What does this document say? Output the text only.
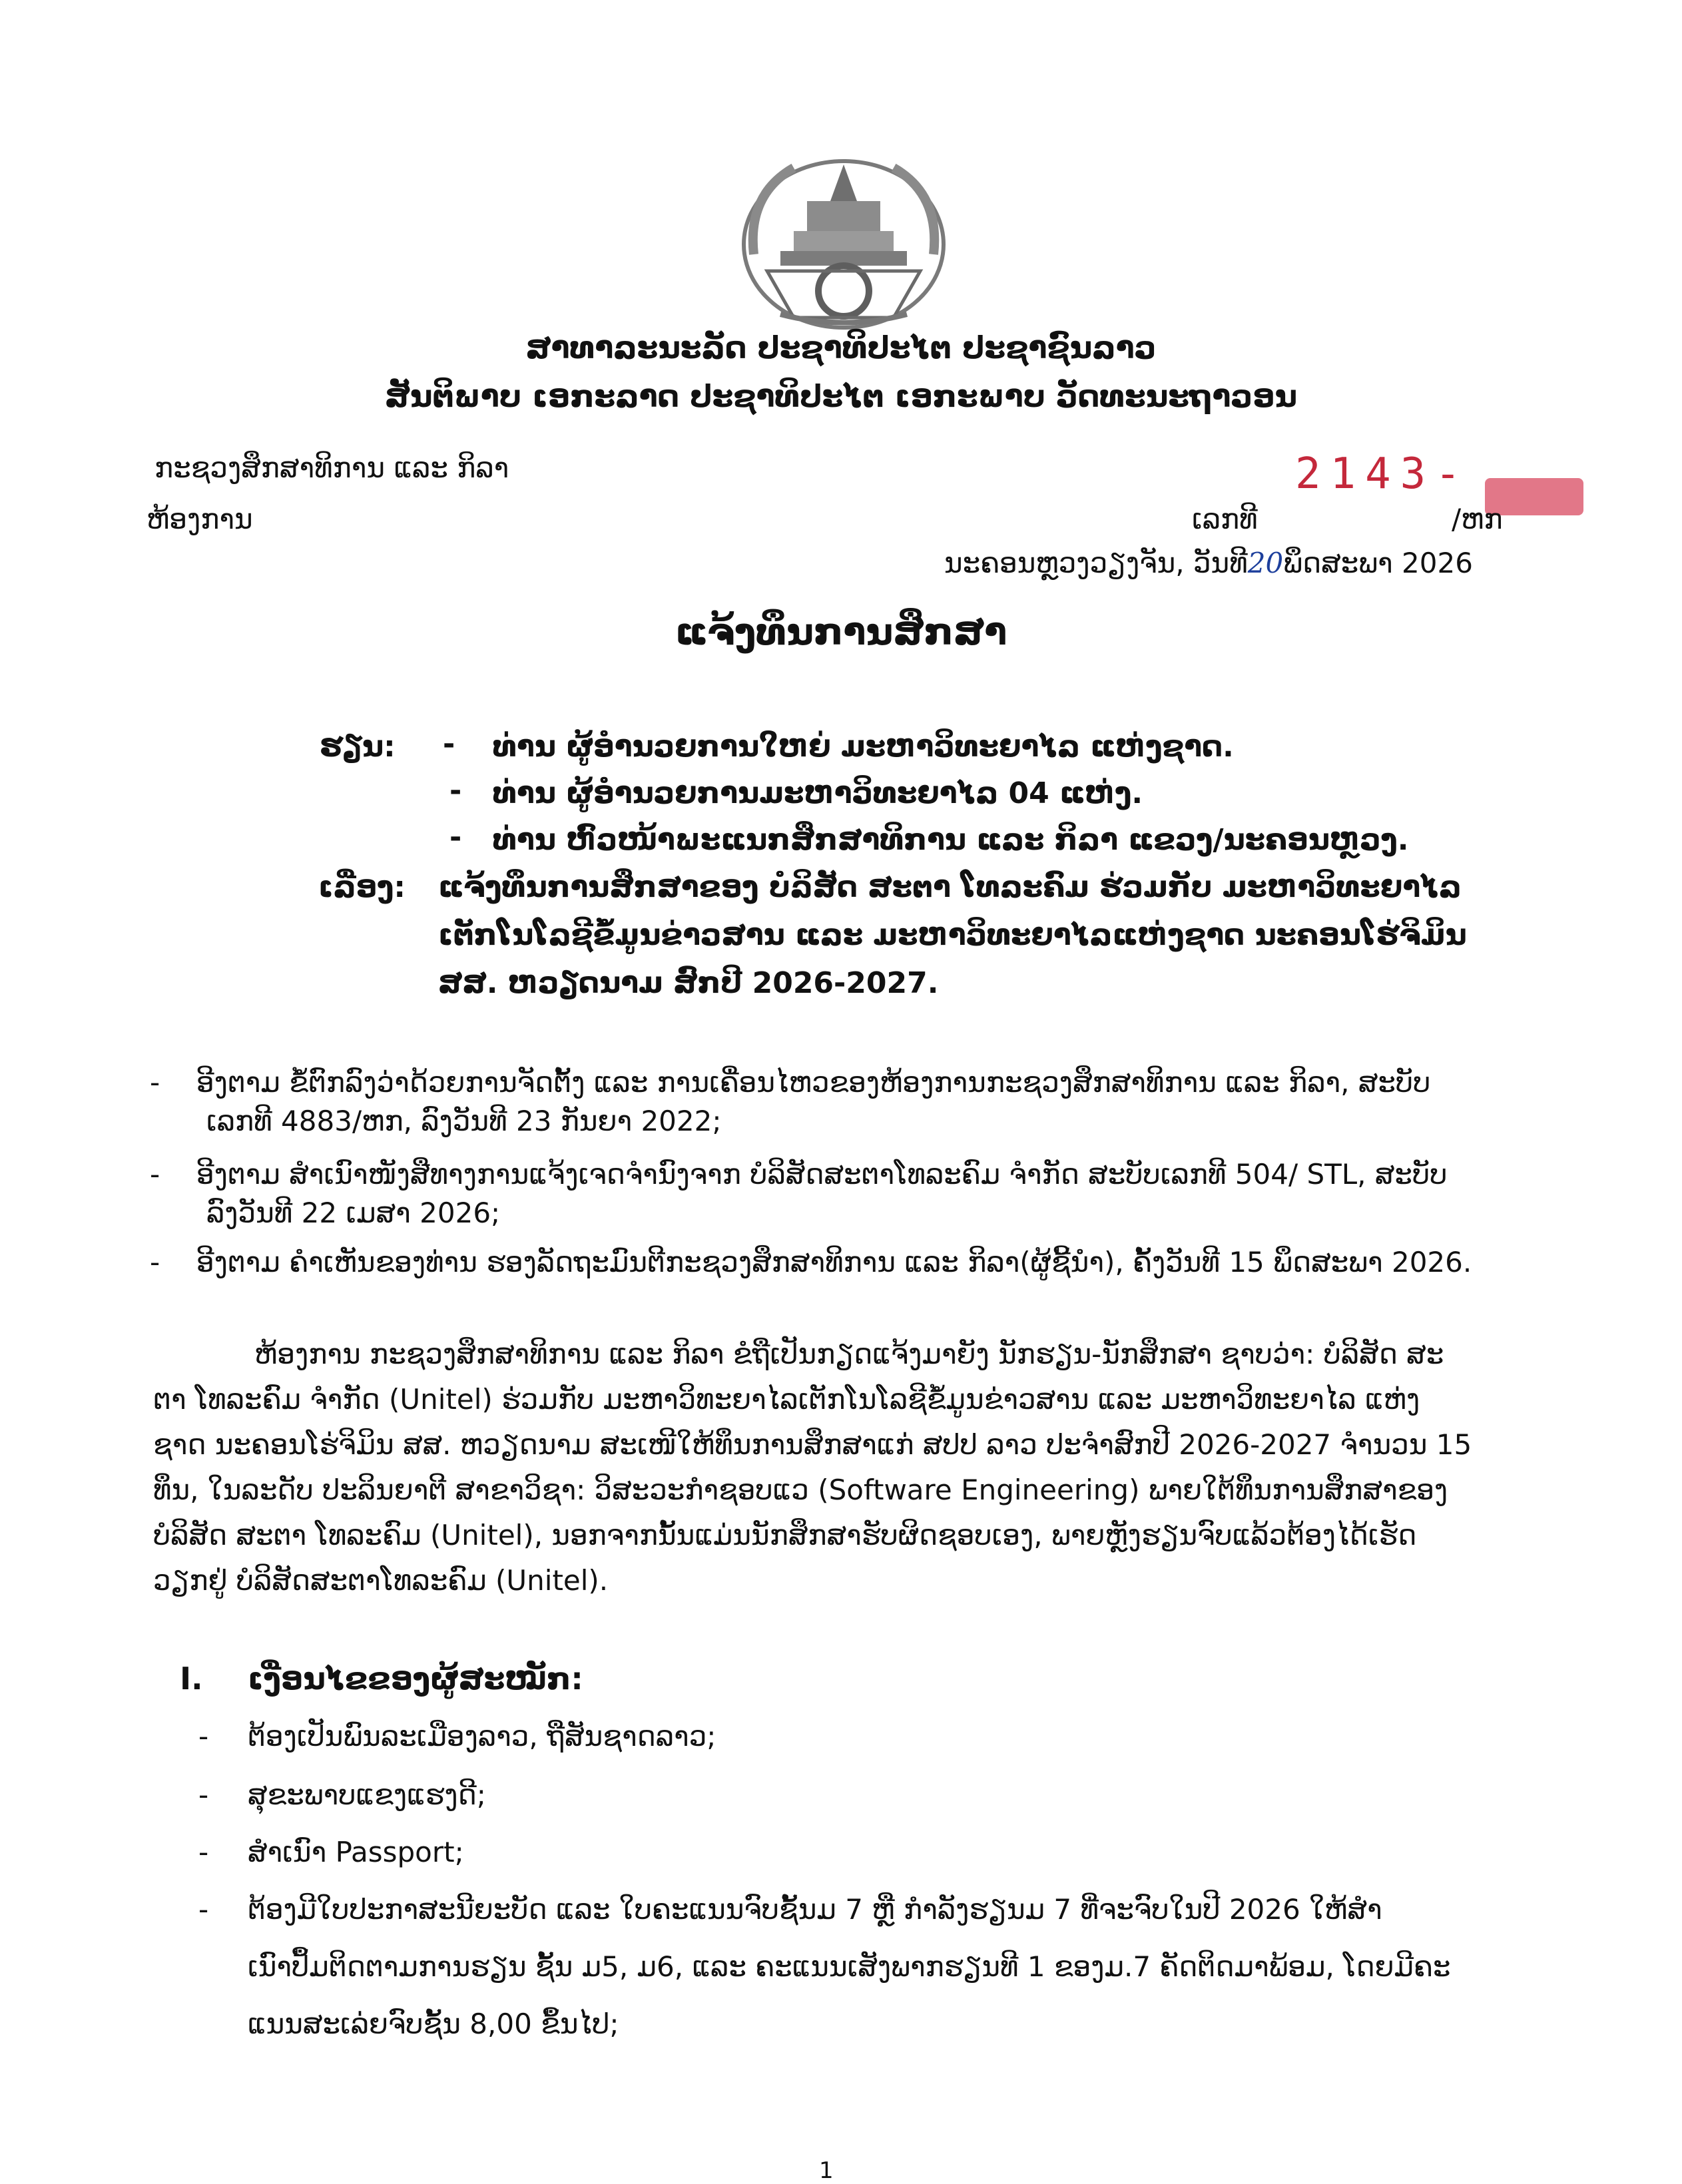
ສາທາລະນະລັດ ປະຊາທິປະໄຕ ປະຊາຊົນລາວ
ສັນຕິພາບ ເອກະລາດ ປະຊາທິປະໄຕ ເອກະພາບ ວັດທະນະຖາວອນ
ກະຊວງສຶກສາທິການ ແລະ ກິລາ
ຫ້ອງການ
2143-
ເລກທີ	/ຫກ
ນະຄອນຫຼວງວຽງຈັນ, ວັນທີ20ພຶດສະພາ 2026
ແຈ້ງທຶນການສຶກສາ
ຮຽນ: - ທ່ານ ຜູ້ອຳນວຍການໃຫຍ່ ມະຫາວິທະຍາໄລ ແຫ່ງຊາດ.
- ທ່ານ ຜູ້ອຳນວຍການມະຫາວິທະຍາໄລ 04 ແຫ່ງ.
- ທ່ານ ຫົວໜ້າພະແນກສຶກສາທິການ ແລະ ກິລາ ແຂວງ/ນະຄອນຫຼວງ.
ເລື່ອງ: ແຈ້ງທຶນການສຶກສາຂອງ ບໍລິສັດ ສະຕາ ໂທລະຄົມ ຮ່ວມກັບ ມະຫາວິທະຍາໄລ
ເຕັກໂນໂລຊີຂໍ້ມູນຂ່າວສານ ແລະ ມະຫາວິທະຍາໄລແຫ່ງຊາດ ນະຄອນໂຮ່ຈິມິນ
ສສ. ຫວຽດນາມ ສົກປີ 2026-2027.
- ອີງຕາມ ຂໍ້ຕົກລົງວ່າດ້ວຍການຈັດຕັ້ງ ແລະ ການເຄື່ອນໄຫວຂອງຫ້ອງການກະຊວງສຶກສາທິການ ແລະ ກິລາ, ສະບັບ
ເລກທີ 4883/ຫກ, ລົງວັນທີ 23 ກັນຍາ 2022;
- ອີງຕາມ ສຳເນົາໜັງສືທາງການແຈ້ງເຈດຈຳນົງຈາກ ບໍລິສັດສະຕາໂທລະຄົມ ຈຳກັດ ສະບັບເລກທີ 504/ STL, ສະບັບ
ລົງວັນທີ 22 ເມສາ 2026;
- ອີງຕາມ ຄຳເຫັນຂອງທ່ານ ຮອງລັດຖະມົນຕີກະຊວງສຶກສາທິການ ແລະ ກິລາ(ຜູ້ຊີ້ນຳ), ຄັ້ງວັນທີ 15 ພຶດສະພາ 2026.
ຫ້ອງການ ກະຊວງສຶກສາທິການ ແລະ ກິລາ ຂໍຖືເປັນກຽດແຈ້ງມາຍັງ ນັກຮຽນ-ນັກສຶກສາ ຊາບວ່າ: ບໍລິສັດ ສະ
ຕາ ໂທລະຄົມ ຈຳກັດ (Unitel) ຮ່ວມກັບ ມະຫາວິທະຍາໄລເຕັກໂນໂລຊີຂໍ້ມູນຂ່າວສານ ແລະ ມະຫາວິທະຍາໄລ ແຫ່ງ
ຊາດ ນະຄອນໂຮ່ຈິມິນ ສສ. ຫວຽດນາມ ສະເໜີໃຫ້ທຶນການສຶກສາແກ່ ສປປ ລາວ ປະຈຳສົກປີ 2026-2027 ຈຳນວນ 15
ທຶນ, ໃນລະດັບ ປະລິນຍາຕີ ສາຂາວິຊາ: ວິສະວະກຳຊອບແວ (Software Engineering) ພາຍໃຕ້ທຶນການສຶກສາຂອງ
ບໍລິສັດ ສະຕາ ໂທລະຄົມ (Unitel), ນອກຈາກນັ້ນແມ່ນນັກສຶກສາຮັບຜິດຊອບເອງ, ພາຍຫຼັງຮຽນຈົບແລ້ວຕ້ອງໄດ້ເຮັດ
ວຽກຢູ່ ບໍລິສັດສະຕາໂທລະຄົມ (Unitel).
I. ເງື່ອນໄຂຂອງຜູ້ສະໝັກ:
- ຕ້ອງເປັນພົນລະເມືອງລາວ, ຖືສັນຊາດລາວ;
- ສຸຂະພາບແຂງແຮງດີ;
- ສຳເນົາ Passport;
- ຕ້ອງມີໃບປະກາສະນີຍະບັດ ແລະ ໃບຄະແນນຈົບຊັ້ນມ 7 ຫຼື ກຳລັງຮຽນມ 7 ທີ່ຈະຈົບໃນປີ 2026 ໃຫ້ສຳ
ເນົາປຶ້ມຕິດຕາມການຮຽນ ຊັ້ນ ມ5, ມ6, ແລະ ຄະແນນເສັງພາກຮຽນທີ 1 ຂອງມ.7 ຄັດຕິດມາພ້ອມ, ໂດຍມີຄະ
ແນນສະເລ່ຍຈົບຊັ້ນ 8,00 ຂຶ້ນໄປ;
1
